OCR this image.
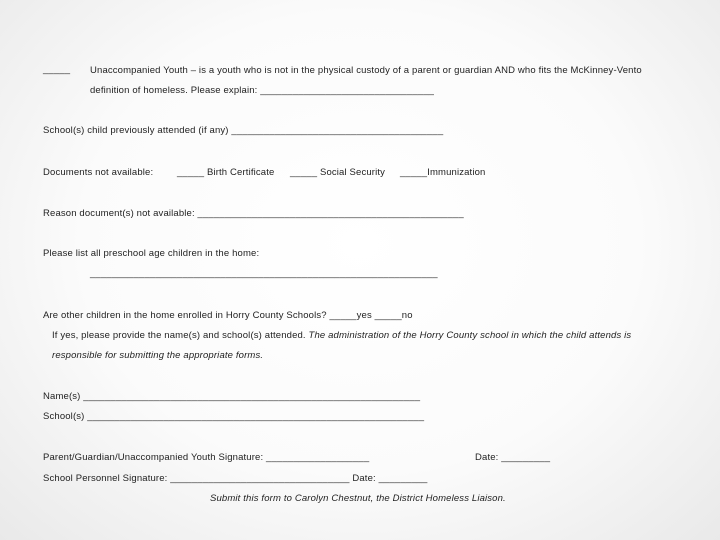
_____ Unaccompanied Youth – is a youth who is not in the physical custody of a parent or guardian AND who fits the McKinney-Vento
definition of homeless. Please explain: ________________________________
School(s) child previously attended (if any) _______________________________________
Documents not available: _____ Birth Certificate _____ Social Security _____Immunization
Reason document(s) not available: _________________________________________________
Please list all preschool age children in the home:
________________________________________________________________
Are other children in the home enrolled in Horry County Schools? _____yes _____no
If yes, please provide the name(s) and school(s) attended. The administration of the Horry County school in which the child attends is
responsible for submitting the appropriate forms.
Name(s) ______________________________________________________________
School(s) ______________________________________________________________
Parent/Guardian/Unaccompanied Youth Signature: ___________________	Date: _________
School Personnel Signature: _________________________________ Date: _________
Submit this form to Carolyn Chestnut, the District Homeless Liaison.
